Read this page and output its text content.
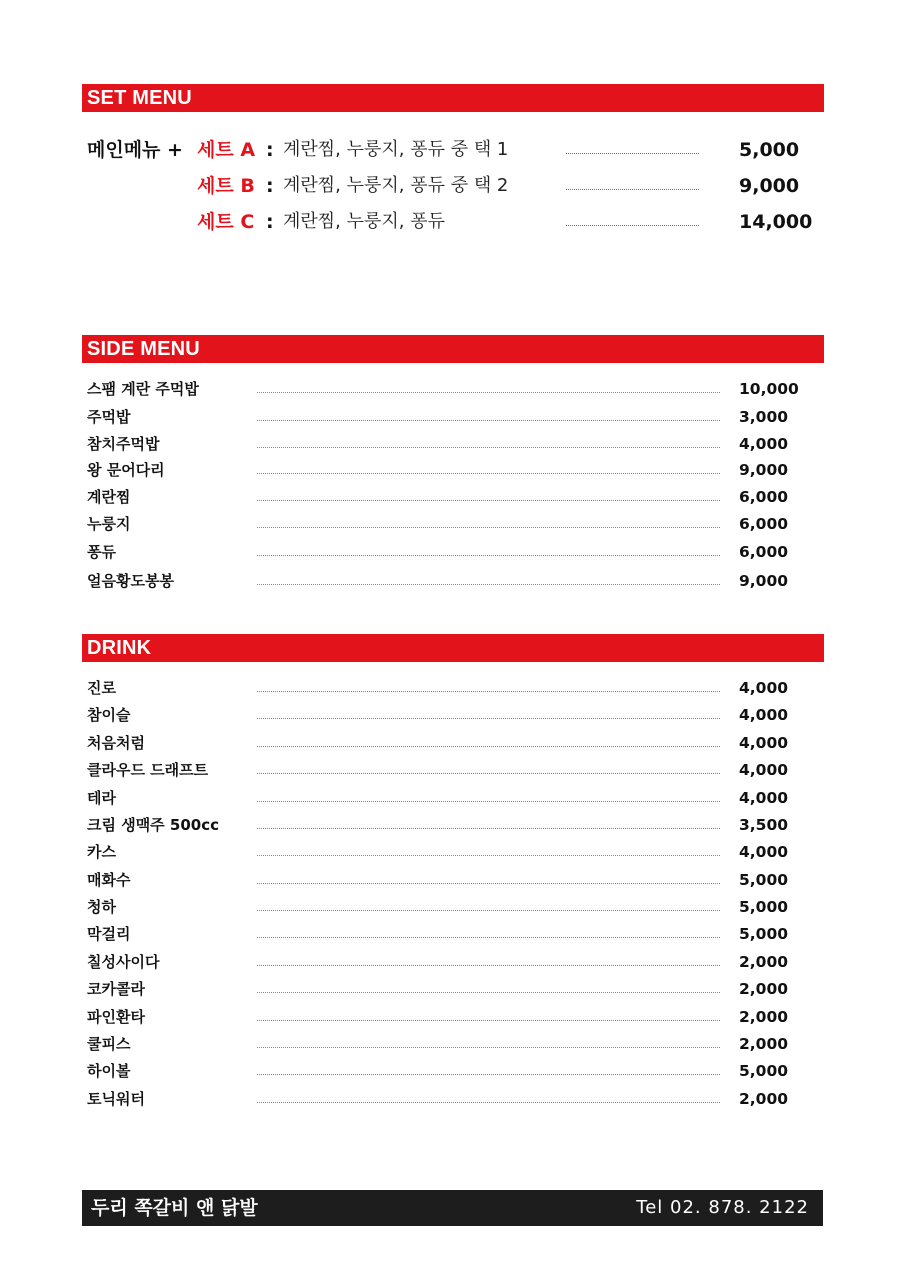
SET MENU
메인메뉴 + 세트 A : 계란찜, 누룽지, 퐁듀 중 택 1	5,000
세트 B : 계란찜, 누룽지, 퐁듀 중 택 2	9,000
세트 C : 계란찜, 누룽지, 퐁듀	14,000
SIDE MENU
스팸 계란 주먹밥	10,000
주먹밥	3,000
참치주먹밥	4,000
왕 문어다리	9,000
계란찜	6,000
누룽지	6,000
퐁듀	6,000
얼음황도봉봉	9,000
DRINK
진로	4,000
참이슬	4,000
처음처럼	4,000
클라우드 드래프트	4,000
테라	4,000
크림 생맥주 500cc	3,500
카스	4,000
매화수	5,000
청하	5,000
막걸리	5,000
칠성사이다	2,000
코카콜라	2,000
파인환타	2,000
쿨피스	2,000
하이볼	5,000
토닉워터	2,000
두리 쪽갈비 앤 닭발	Tel 02. 878. 2122
